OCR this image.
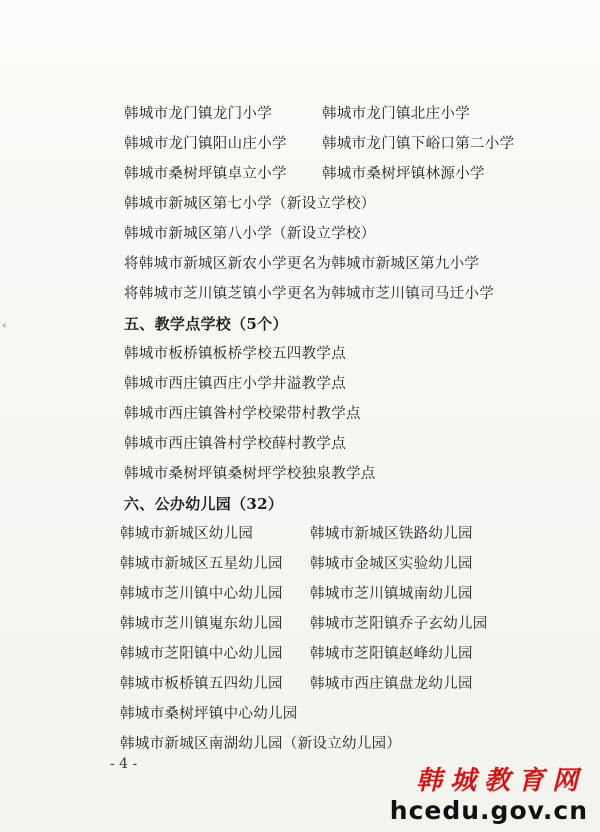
韩城市龙门镇龙门小学	韩城市龙门镇北庄小学
韩城市龙门镇阳山庄小学 韩城市龙门镇下峪口第二小学
韩城市桑树坪镇卓立小学 韩城市桑树坪镇林源小学
韩城市新城区第七小学（新设立学校）
韩城市新城区第八小学（新设立学校）
将韩城市新城区新农小学更名为韩城市新城区第九小学
将韩城市芝川镇芝镇小学更名为韩城市芝川镇司马迁小学
五、教学点学校（5个）
韩城市板桥镇板桥学校五四教学点
韩城市西庄镇西庄小学井溢教学点
韩城市西庄镇昝村学校梁带村教学点
韩城市西庄镇昝村学校薛村教学点
韩城市桑树坪镇桑树坪学校独泉教学点
六、公办幼儿园（32）
韩城市新城区幼儿园	韩城市新城区铁路幼儿园
韩城市新城区五星幼儿园 韩城市金城区实验幼儿园
韩城市芝川镇中心幼儿园 韩城市芝川镇城南幼儿园
韩城市芝川镇嵬东幼儿园 韩城市芝阳镇乔子玄幼儿园
韩城市芝阳镇中心幼儿园 韩城市芝阳镇赵峰幼儿园
韩城市板桥镇五四幼儿园 韩城市西庄镇盘龙幼儿园
韩城市桑树坪镇中心幼儿园
韩城市新城区南湖幼儿园（新设立幼儿园）
- 4 -
韩城教育网
hcedu.gov.cn
‹
